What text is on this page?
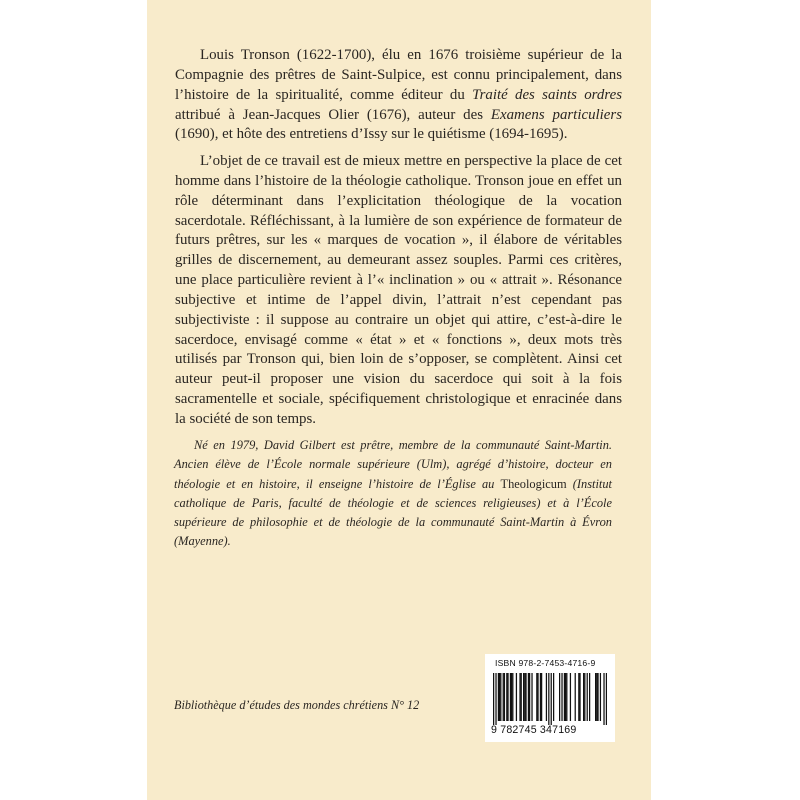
Louis Tronson (1622-1700), élu en 1676 troisième supérieur de la Compagnie des prêtres de Saint-Sulpice, est connu principalement, dans l’histoire de la spiritualité, comme éditeur du Traité des saints ordres attribué à Jean-Jacques Olier (1676), auteur des Examens particuliers (1690), et hôte des entretiens d’Issy sur le quiétisme (1694-1695).

L’objet de ce travail est de mieux mettre en perspective la place de cet homme dans l’histoire de la théologie catholique. Tronson joue en effet un rôle déterminant dans l’explicitation théologique de la vocation sacerdotale. Réfléchissant, à la lumière de son expérience de formateur de futurs prêtres, sur les « marques de vocation », il élabore de véritables grilles de discernement, au demeurant assez souples. Parmi ces critères, une place particulière revient à l’« inclination » ou « attrait ». Résonance subjective et intime de l’appel divin, l’attrait n’est cependant pas subjectiviste : il suppose au contraire un objet qui attire, c’est-à-dire le sacerdoce, envisagé comme « état » et « fonctions », deux mots très utilisés par Tronson qui, bien loin de s’opposer, se complètent. Ainsi cet auteur peut-il proposer une vision du sacerdoce qui soit à la fois sacramentelle et sociale, spécifiquement christologique et enracinée dans la société de son temps.

Né en 1979, David Gilbert est prêtre, membre de la communauté Saint-Martin. Ancien élève de l’École normale supérieure (Ulm), agrégé d’histoire, docteur en théologie et en histoire, il enseigne l’histoire de l’Église au Theologicum (Institut catholique de Paris, faculté de théologie et de sciences religieuses) et à l’École supérieure de philosophie et de théologie de la communauté Saint-Martin à Évron (Mayenne).

Bibliothèque d’études des mondes chrétiens N° 12
ISBN 978-2-7453-4716-9
9 782745 347169
